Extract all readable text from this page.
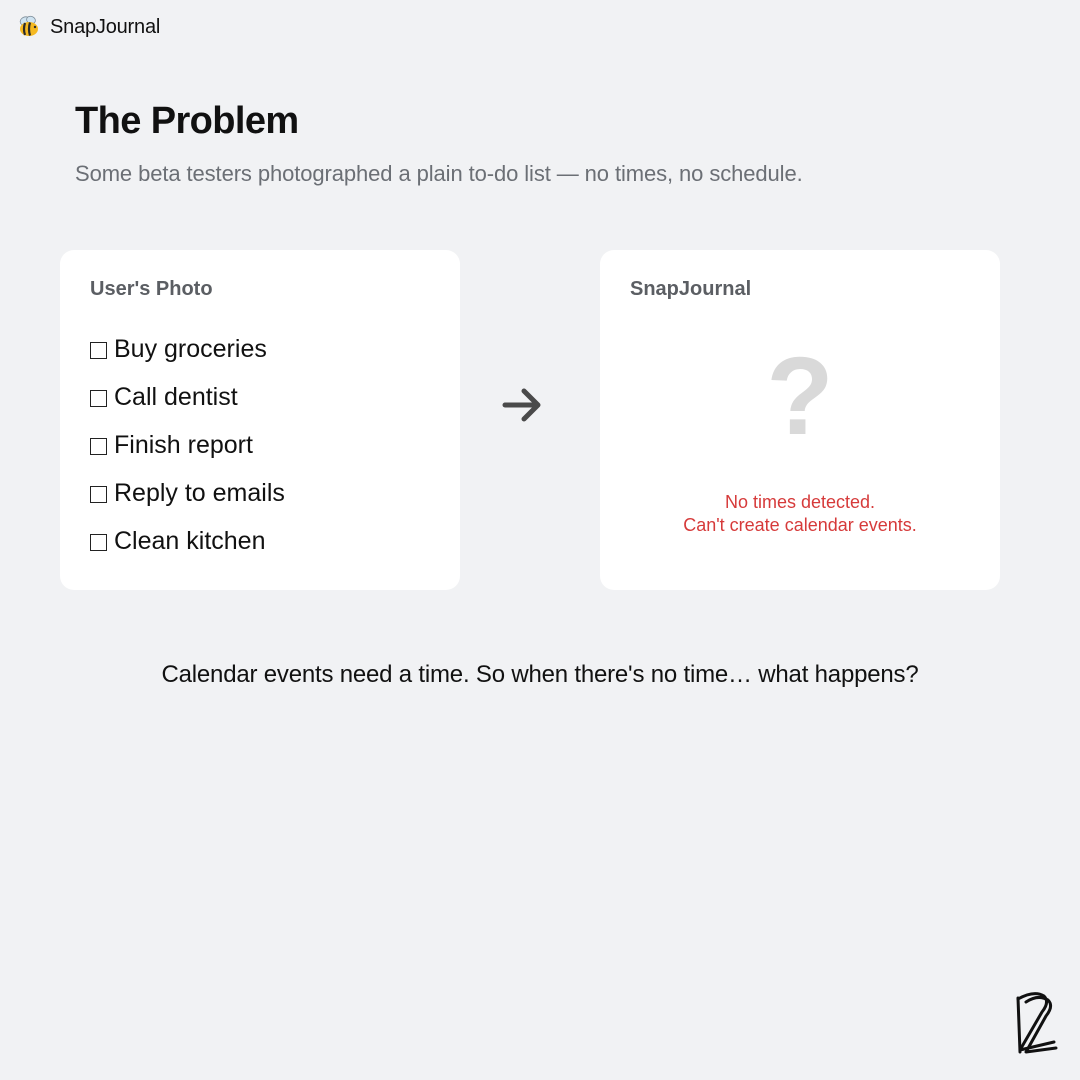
SnapJournal
The Problem

Some beta testers photographed a plain to-do list — no times, no schedule.

User's Photo
Buy groceries
Call dentist
Finish report
Reply to emails
Clean kitchen
SnapJournal
?
No times detected.
Can't create calendar events.

Calendar events need a time. So when there's no time… what happens?
